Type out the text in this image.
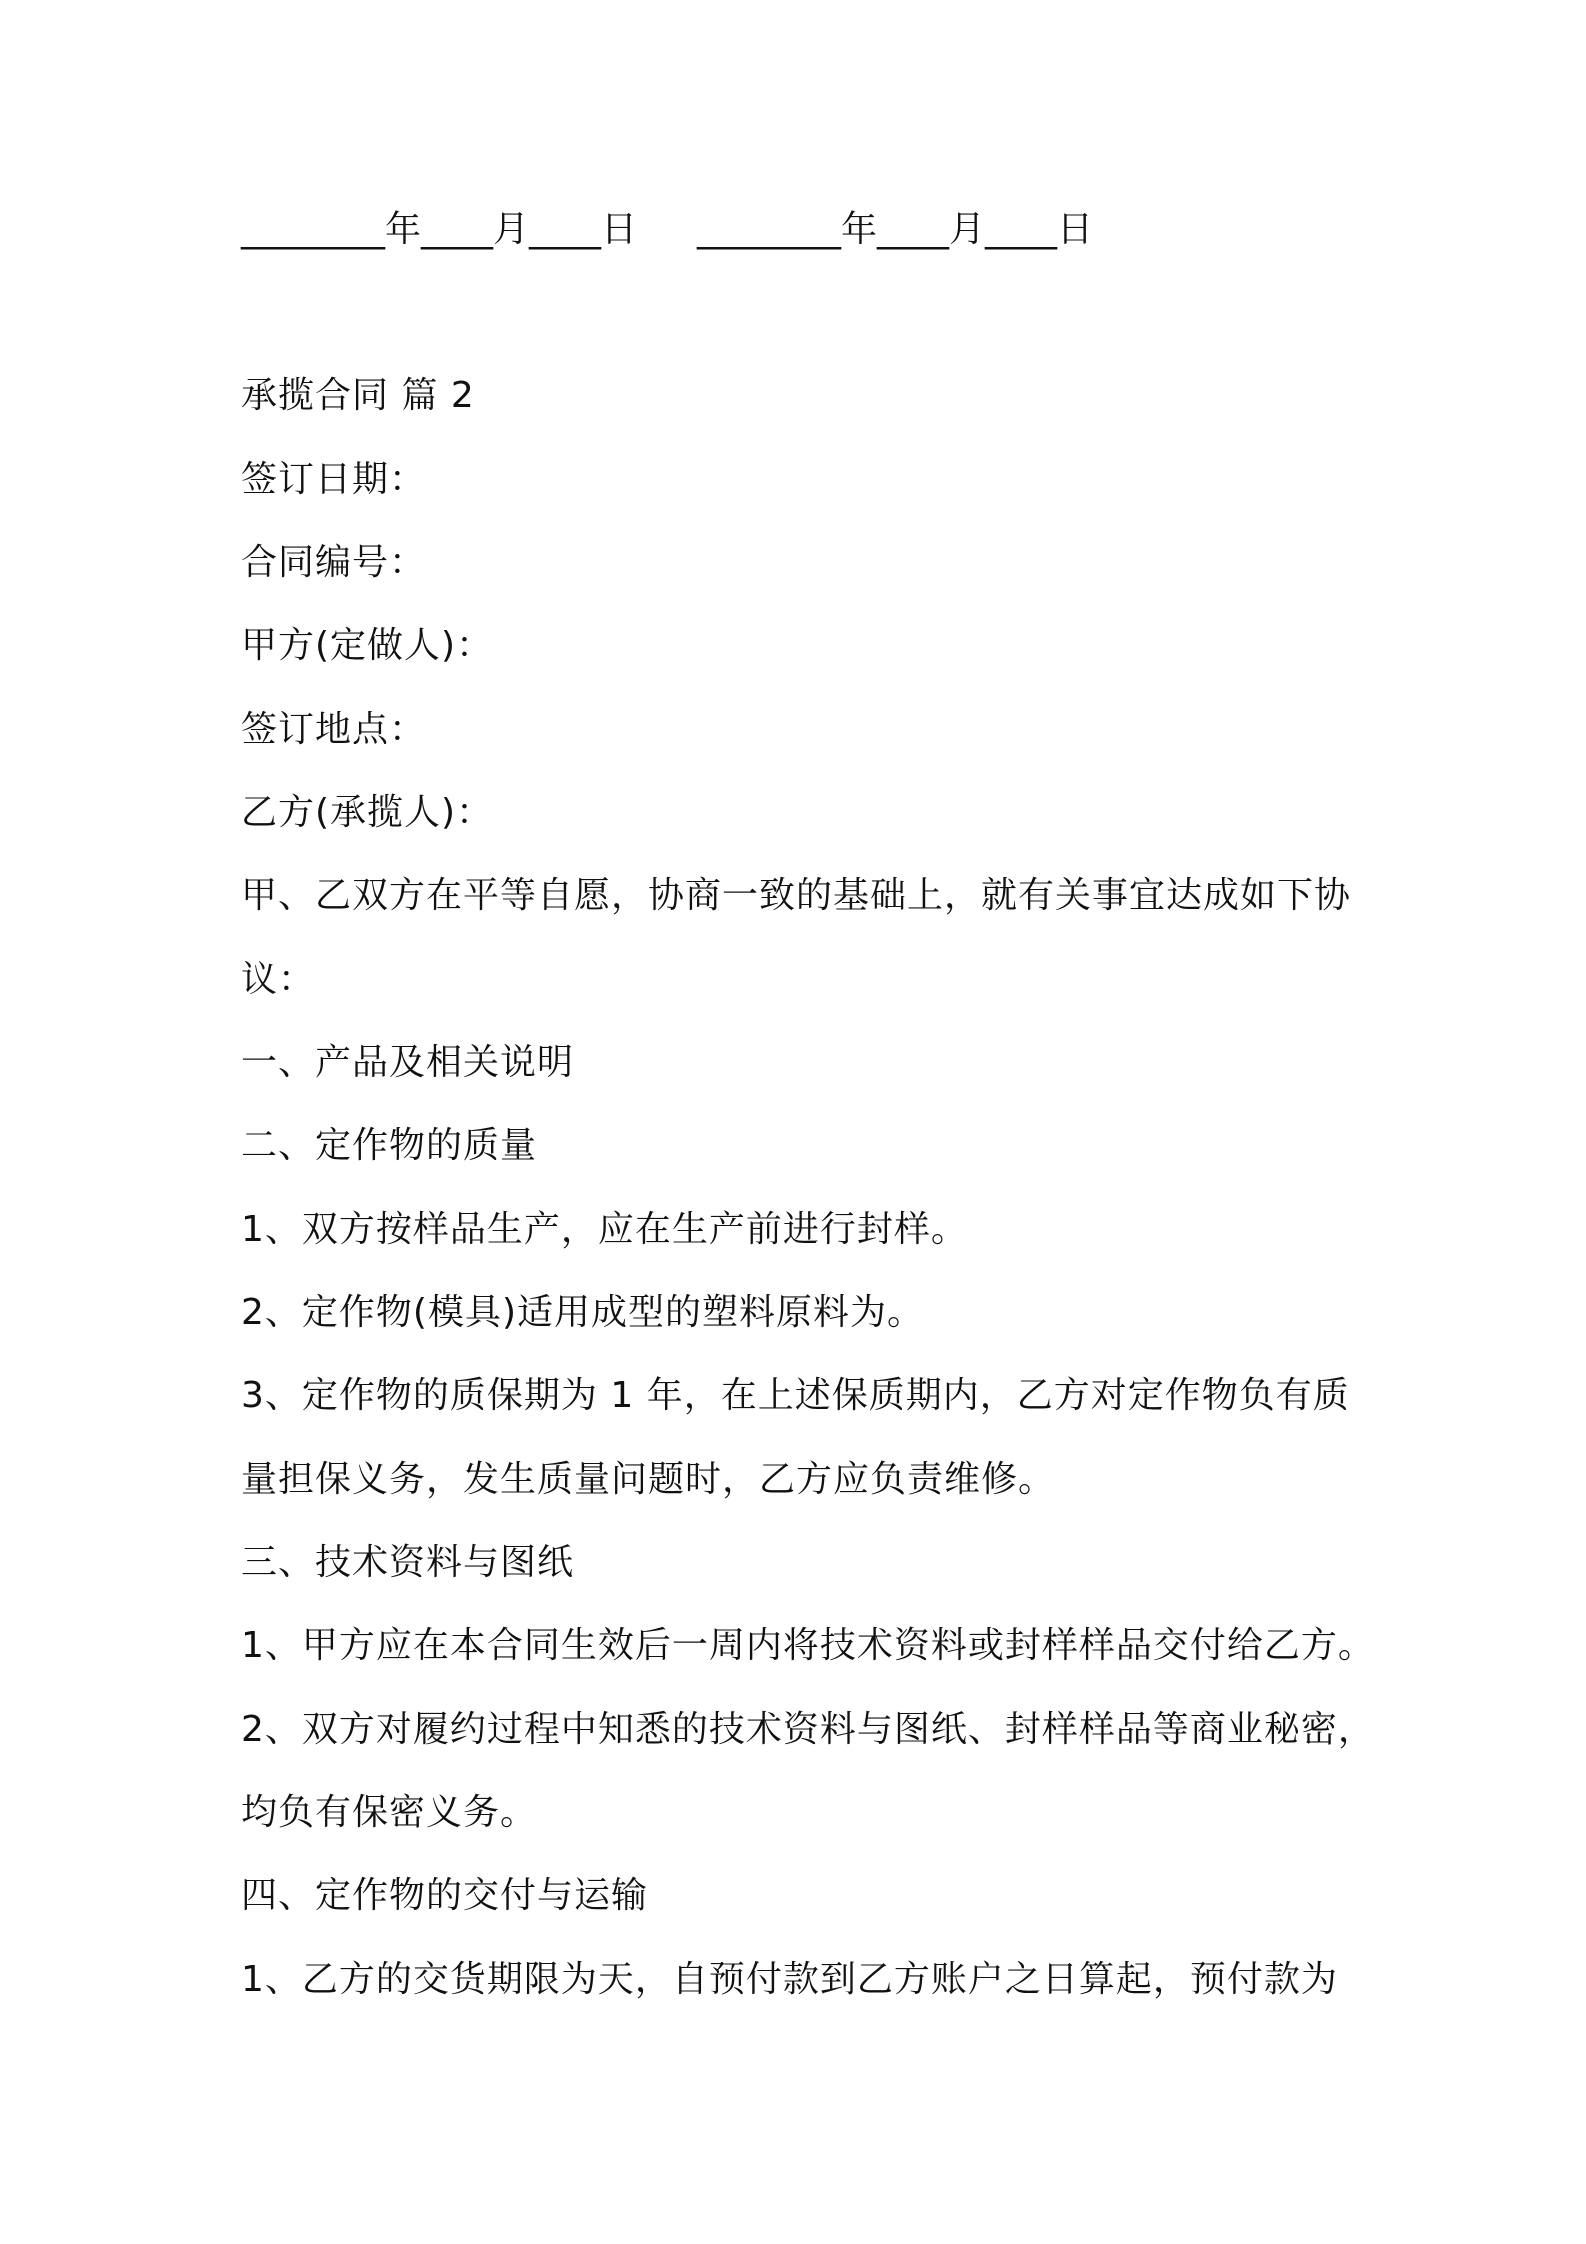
________年____月____日 ________年____月____日
承揽合同 篇 2
签订日期：
合同编号：
甲方(定做人)：
签订地点：
乙方(承揽人)：
甲、乙双方在平等自愿，协商一致的基础上，就有关事宜达成如下协
议：
一、产品及相关说明
二、定作物的质量
1、双方按样品生产，应在生产前进行封样。
2、定作物(模具)适用成型的塑料原料为。
3、定作物的质保期为 1 年，在上述保质期内，乙方对定作物负有质
量担保义务，发生质量问题时，乙方应负责维修。
三、技术资料与图纸
1、甲方应在本合同生效后一周内将技术资料或封样样品交付给乙方。
2、双方对履约过程中知悉的技术资料与图纸、封样样品等商业秘密，
均负有保密义务。
四、定作物的交付与运输
1、乙方的交货期限为天，自预付款到乙方账户之日算起，预付款为
